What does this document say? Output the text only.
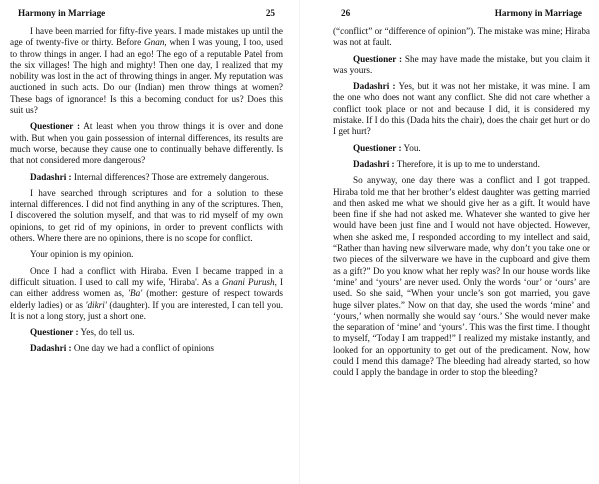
Harmony in Marriage	25

I have been married for fifty-five years. I made mistakes up until the age of twenty-five or thirty. Before Gnan, when I was young, I too, used to throw things in anger. I had an ego! The ego of a reputable Patel from the six villages! The high and mighty! Then one day, I realized that my nobility was lost in the act of throwing things in anger. My reputation was auctioned in such acts. Do our (Indian) men throw things at women? These bags of ignorance! Is this a becoming conduct for us? Does this suit us?

Questioner : At least when you throw things it is over and done with. But when you gain possession of internal differences, its results are much worse, because they cause one to continually behave differently. Is that not considered more dangerous?

Dadashri : Internal differences? Those are extremely dangerous.

I have searched through scriptures and for a solution to these internal differences. I did not find anything in any of the scriptures. Then, I discovered the solution myself, and that was to rid myself of my own opinions, to get rid of my opinions, in order to prevent conflicts with others. Where there are no opinions, there is no scope for conflict.

Your opinion is my opinion.

Once I had a conflict with Hiraba. Even I became trapped in a difficult situation. I used to call my wife, 'Hiraba'. As a Gnani Purush, I can either address women as, 'Ba' (mother: gesture of respect towards elderly ladies) or as 'dikri' (daughter). If you are interested, I can tell you. It is not a long story, just a short one.

Questioner : Yes, do tell us.

Dadashri : One day we had a conflict of opinions

26	Harmony in Marriage

(“conflict” or “difference of opinion”). The mistake was mine; Hiraba was not at fault.

Questioner : She may have made the mistake, but you claim it was yours.

Dadashri : Yes, but it was not her mistake, it was mine. I am the one who does not want any conflict. She did not care whether a conflict took place or not and because I did, it is considered my mistake. If I do this (Dada hits the chair), does the chair get hurt or do I get hurt?

Questioner : You.

Dadashri : Therefore, it is up to me to understand.

So anyway, one day there was a conflict and I got trapped. Hiraba told me that her brother’s eldest daughter was getting married and then asked me what we should give her as a gift. It would have been fine if she had not asked me. Whatever she wanted to give her would have been just fine and I would not have objected. However, when she asked me, I responded according to my intellect and said, “Rather than having new silverware made, why don’t you take one or two pieces of the silverware we have in the cupboard and give them as a gift?” Do you know what her reply was? In our house words like ‘mine’ and ‘yours’ are never used. Only the words ‘our’ or ‘ours’ are used. So she said, “When your uncle’s son got married, you gave huge silver plates.” Now on that day, she used the words ‘mine’ and ‘yours,’ when normally she would say ‘ours.’ She would never make the separation of ‘mine’ and ‘yours’. This was the first time. I thought to myself, “Today I am trapped!” I realized my mistake instantly, and looked for an opportunity to get out of the predicament. Now, how could I mend this damage? The bleeding had already started, so how could I apply the bandage in order to stop the bleeding?
